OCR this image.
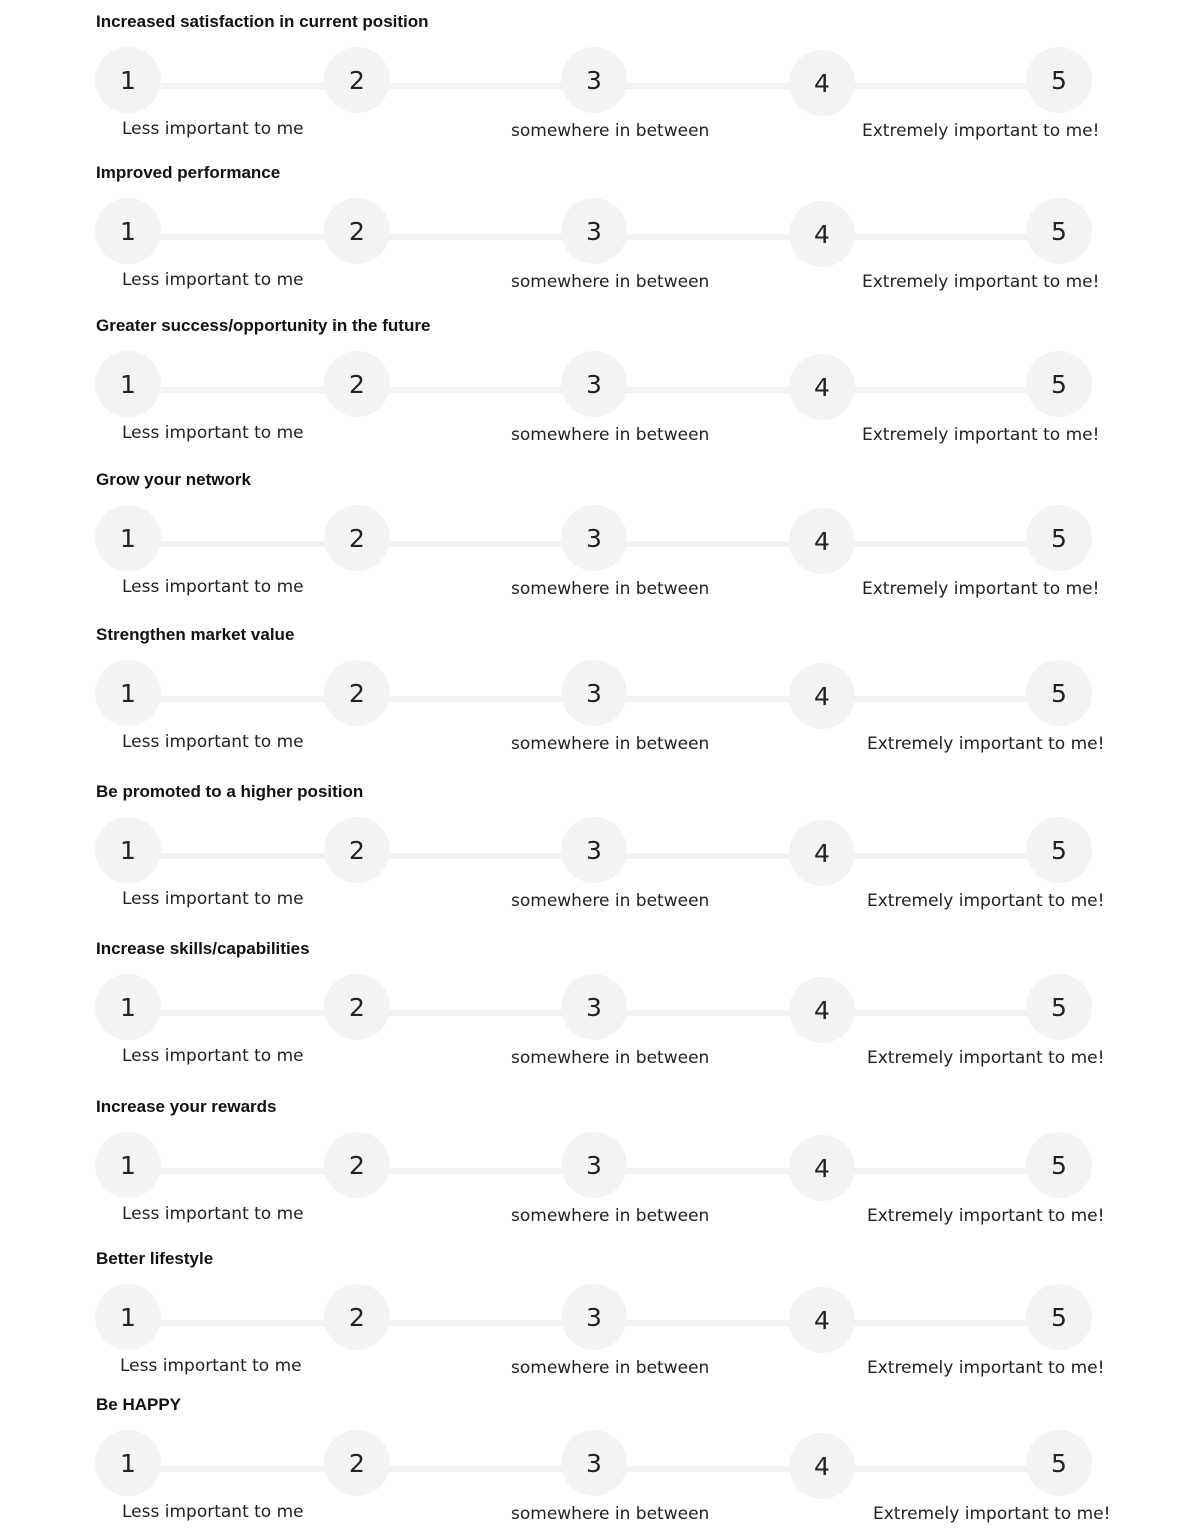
Increased satisfaction in current position
1	2	3	4	5
Less important to me	somewhere in between	Extremely important to me!
Improved performance
1	2	3	4	5
Less important to me	somewhere in between	Extremely important to me!
Greater success/opportunity in the future
1	2	3	4	5
Less important to me	somewhere in between	Extremely important to me!
Grow your network
1	2	3	4	5
Less important to me	somewhere in between	Extremely important to me!
Strengthen market value
1	2	3	4	5
Less important to me	somewhere in between	Extremely important to me!
Be promoted to a higher position
1	2	3	4	5
Less important to me	somewhere in between	Extremely important to me!
Increase skills/capabilities
1	2	3	4	5
Less important to me	somewhere in between	Extremely important to me!
Increase your rewards
1	2	3	4	5
Less important to me	somewhere in between	Extremely important to me!
Better lifestyle
1	2	3	4	5
Less important to me	somewhere in between	Extremely important to me!
Be HAPPY
1	2	3	4	5
Less important to me	somewhere in between	Extremely important to me!
